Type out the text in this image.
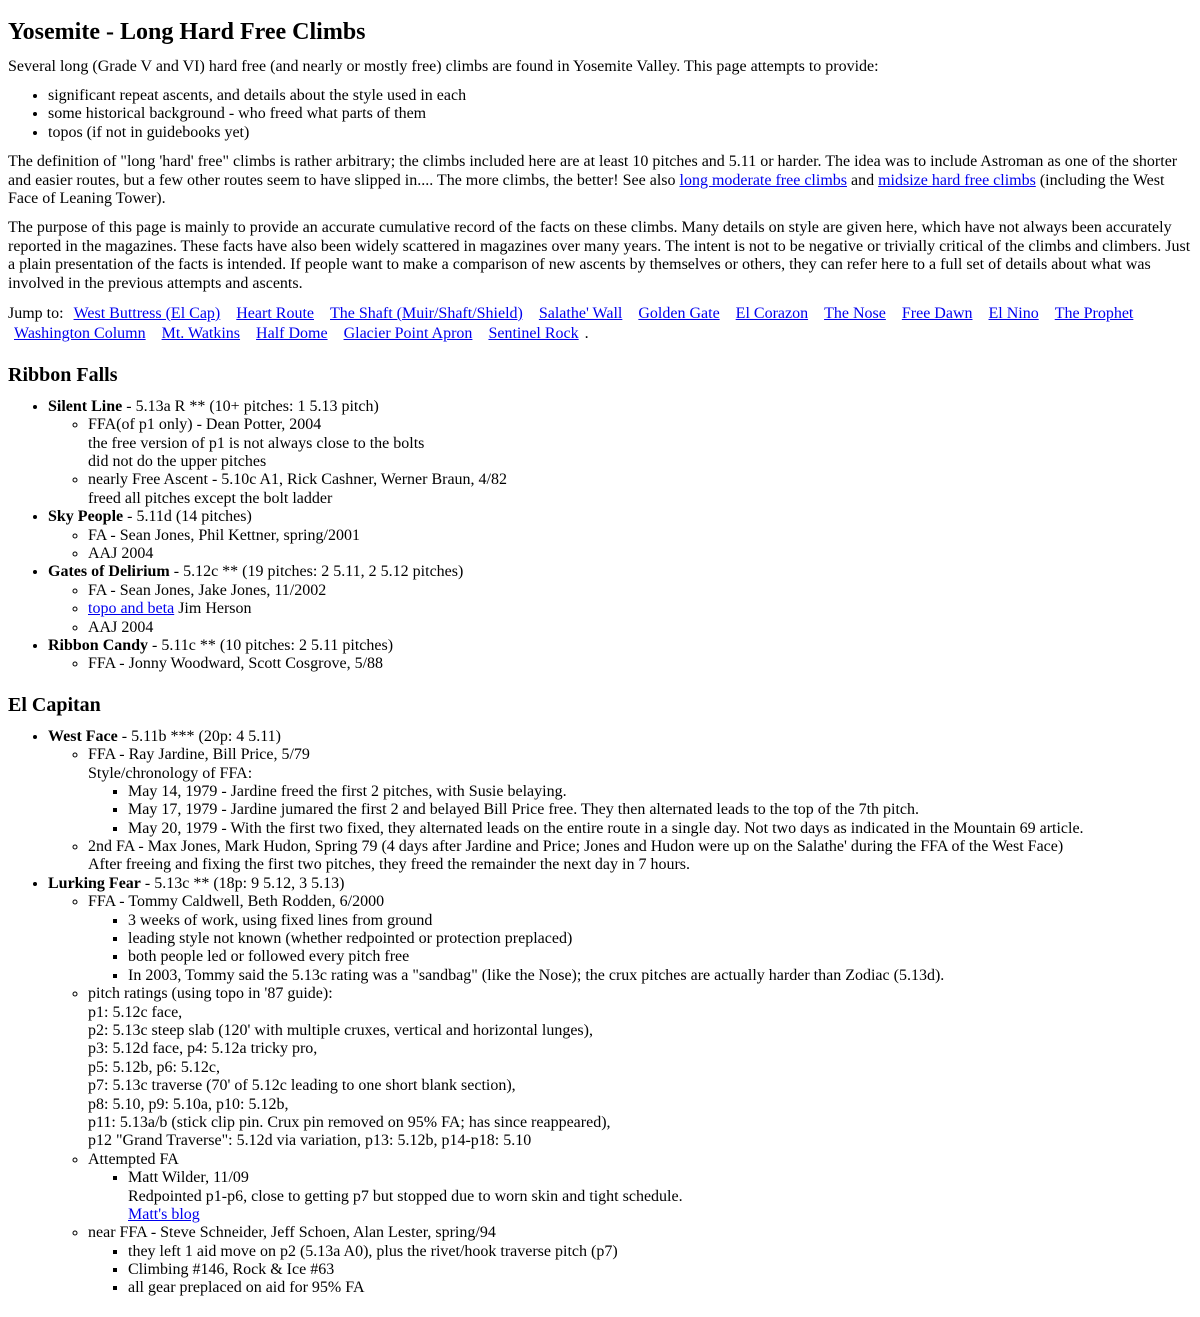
Yosemite - Long Hard Free Climbs

Several long (Grade V and VI) hard free (and nearly or mostly free) climbs are found in Yosemite Valley. This page attempts to provide:

• significant repeat ascents, and details about the style used in each
• some historical background - who freed what parts of them
• topos (if not in guidebooks yet)

The definition of "long 'hard' free" climbs is rather arbitrary; the climbs included here are at least 10 pitches and 5.11 or harder. The idea was to include Astroman as one of the shorter and easier routes, but a few other routes seem to have slipped in.... The more climbs, the better! See also long moderate free climbs and midsize hard free climbs (including the West Face of Leaning Tower).

The purpose of this page is mainly to provide an accurate cumulative record of the facts on these climbs. Many details on style are given here, which have not always been accurately reported in the magazines. These facts have also been widely scattered in magazines over many years. The intent is not to be negative or trivially critical of the climbs and climbers. Just a plain presentation of the facts is intended. If people want to make a comparison of new ascents by themselves or others, they can refer here to a full set of details about what was involved in the previous attempts and ascents.

Jump to: West Buttress (El Cap) Heart Route The Shaft (Muir/Shaft/Shield) Salathe' Wall Golden Gate El Corazon The Nose Free Dawn El Nino The Prophet
Washington Column Mt. Watkins Half Dome Glacier Point Apron Sentinel Rock .
Ribbon Falls
• Silent Line - 5.13a R ** (10+ pitches: 1 5.13 pitch)
◦ FFA(of p1 only) - Dean Potter, 2004
the free version of p1 is not always close to the bolts
did not do the upper pitches
◦ nearly Free Ascent - 5.10c A1, Rick Cashner, Werner Braun, 4/82
freed all pitches except the bolt ladder
• Sky People - 5.11d (14 pitches)
◦ FA - Sean Jones, Phil Kettner, spring/2001
◦ AAJ 2004
• Gates of Delirium - 5.12c ** (19 pitches: 2 5.11, 2 5.12 pitches)
◦ FA - Sean Jones, Jake Jones, 11/2002
◦ topo and beta Jim Herson
◦ AAJ 2004
• Ribbon Candy - 5.11c ** (10 pitches: 2 5.11 pitches)
◦ FFA - Jonny Woodward, Scott Cosgrove, 5/88
El Capitan
• West Face - 5.11b *** (20p: 4 5.11)
◦ FFA - Ray Jardine, Bill Price, 5/79
Style/chronology of FFA:
▪ May 14, 1979 - Jardine freed the first 2 pitches, with Susie belaying.
▪ May 17, 1979 - Jardine jumared the first 2 and belayed Bill Price free. They then alternated leads to the top of the 7th pitch.
▪ May 20, 1979 - With the first two fixed, they alternated leads on the entire route in a single day. Not two days as indicated in the Mountain 69 article.
◦ 2nd FA - Max Jones, Mark Hudon, Spring 79 (4 days after Jardine and Price; Jones and Hudon were up on the Salathe' during the FFA of the West Face)
After freeing and fixing the first two pitches, they freed the remainder the next day in 7 hours.
• Lurking Fear - 5.13c ** (18p: 9 5.12, 3 5.13)
◦ FFA - Tommy Caldwell, Beth Rodden, 6/2000
▪ 3 weeks of work, using fixed lines from ground
▪ leading style not known (whether redpointed or protection preplaced)
▪ both people led or followed every pitch free
▪ In 2003, Tommy said the 5.13c rating was a "sandbag" (like the Nose); the crux pitches are actually harder than Zodiac (5.13d).
◦ pitch ratings (using topo in '87 guide):
p1: 5.12c face,
p2: 5.13c steep slab (120' with multiple cruxes, vertical and horizontal lunges),
p3: 5.12d face, p4: 5.12a tricky pro,
p5: 5.12b, p6: 5.12c,
p7: 5.13c traverse (70' of 5.12c leading to one short blank section),
p8: 5.10, p9: 5.10a, p10: 5.12b,
p11: 5.13a/b (stick clip pin. Crux pin removed on 95% FA; has since reappeared),
p12 "Grand Traverse": 5.12d via variation, p13: 5.12b, p14-p18: 5.10
◦ Attempted FA
▪ Matt Wilder, 11/09
Redpointed p1-p6, close to getting p7 but stopped due to worn skin and tight schedule.
Matt's blog
◦ near FFA - Steve Schneider, Jeff Schoen, Alan Lester, spring/94
▪ they left 1 aid move on p2 (5.13a A0), plus the rivet/hook traverse pitch (p7)
▪ Climbing #146, Rock & Ice #63
▪ all gear preplaced on aid for 95% FA
